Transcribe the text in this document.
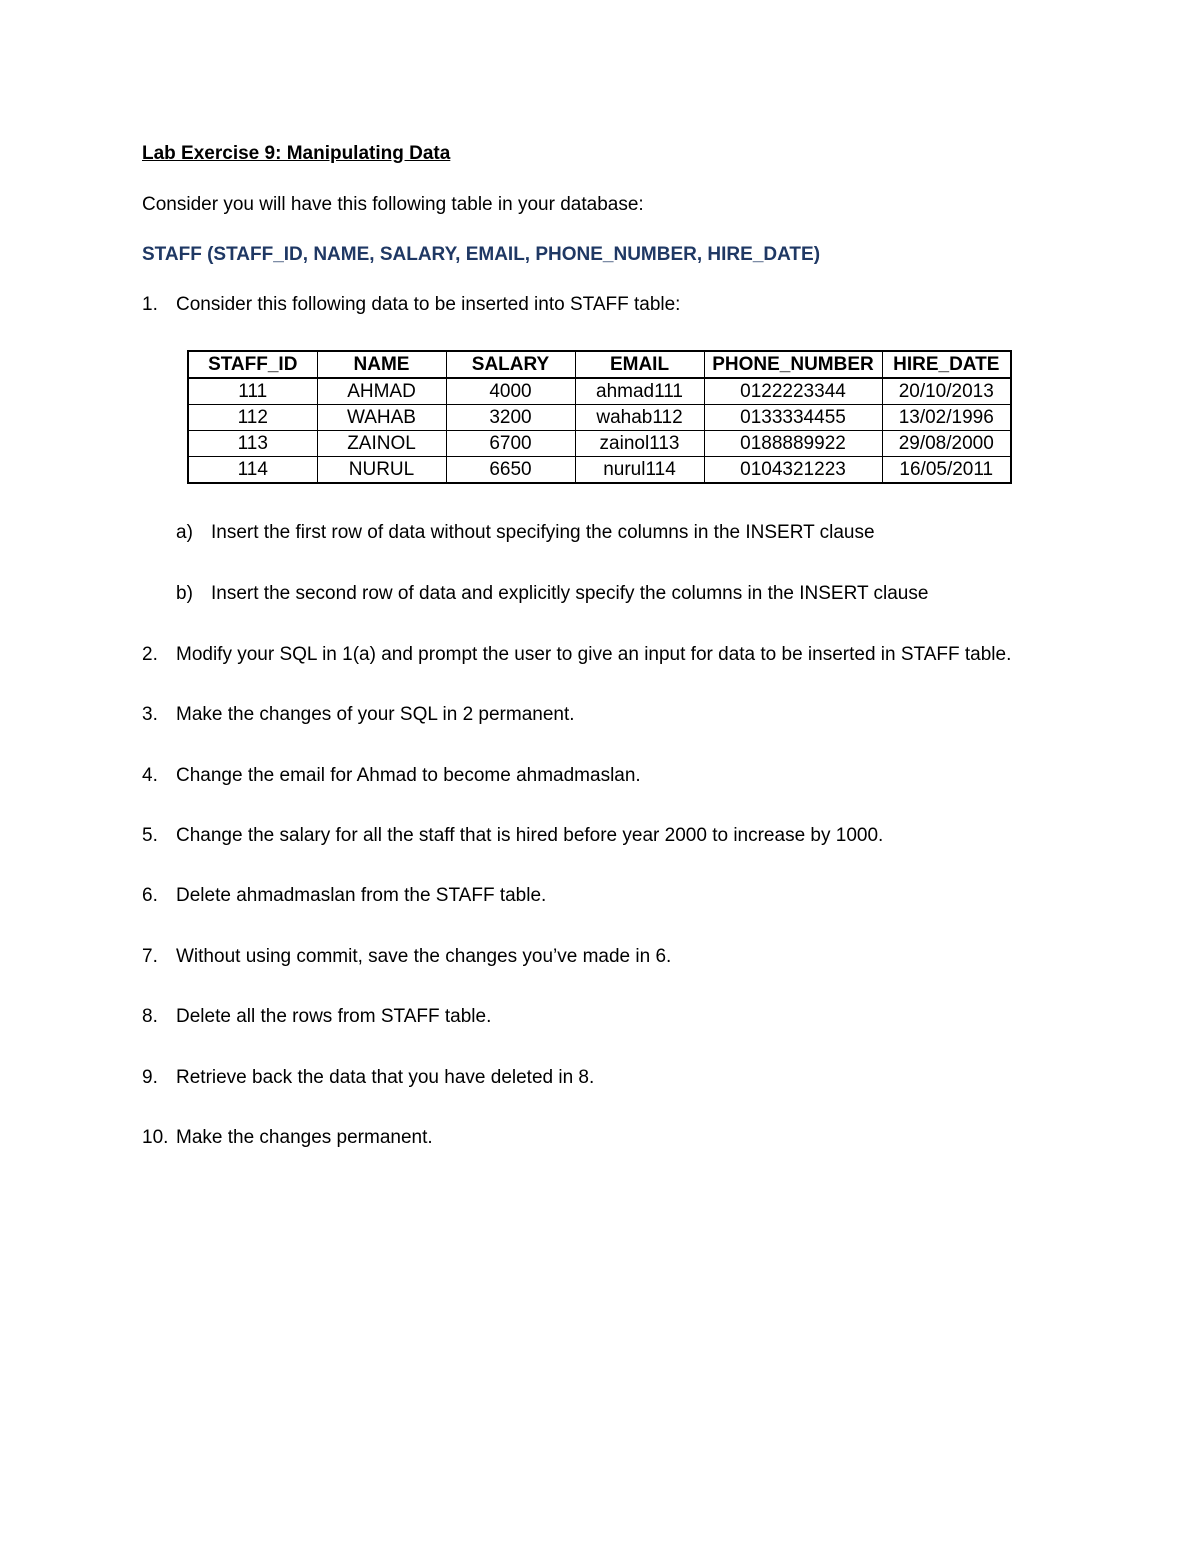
Lab Exercise 9: Manipulating Data
Consider you will have this following table in your database:
STAFF (STAFF_ID, NAME, SALARY, EMAIL, PHONE_NUMBER, HIRE_DATE)
1. Consider this following data to be inserted into STAFF table:
STAFF_ID	NAME	SALARY	EMAIL	PHONE_NUMBER	HIRE_DATE
111	AHMAD	4000	ahmad111	0122223344	20/10/2013
112	WAHAB	3200	wahab112	0133334455	13/02/1996
113	ZAINOL	6700	zainol113	0188889922	29/08/2000
114	NURUL	6650	nurul114	0104321223	16/05/2011
a) Insert the first row of data without specifying the columns in the INSERT clause
b) Insert the second row of data and explicitly specify the columns in the INSERT clause
2. Modify your SQL in 1(a) and prompt the user to give an input for data to be inserted in STAFF table.
3. Make the changes of your SQL in 2 permanent.
4. Change the email for Ahmad to become ahmadmaslan.
5. Change the salary for all the staff that is hired before year 2000 to increase by 1000.
6. Delete ahmadmaslan from the STAFF table.
7. Without using commit, save the changes you’ve made in 6.
8. Delete all the rows from STAFF table.
9. Retrieve back the data that you have deleted in 8.
10. Make the changes permanent.
